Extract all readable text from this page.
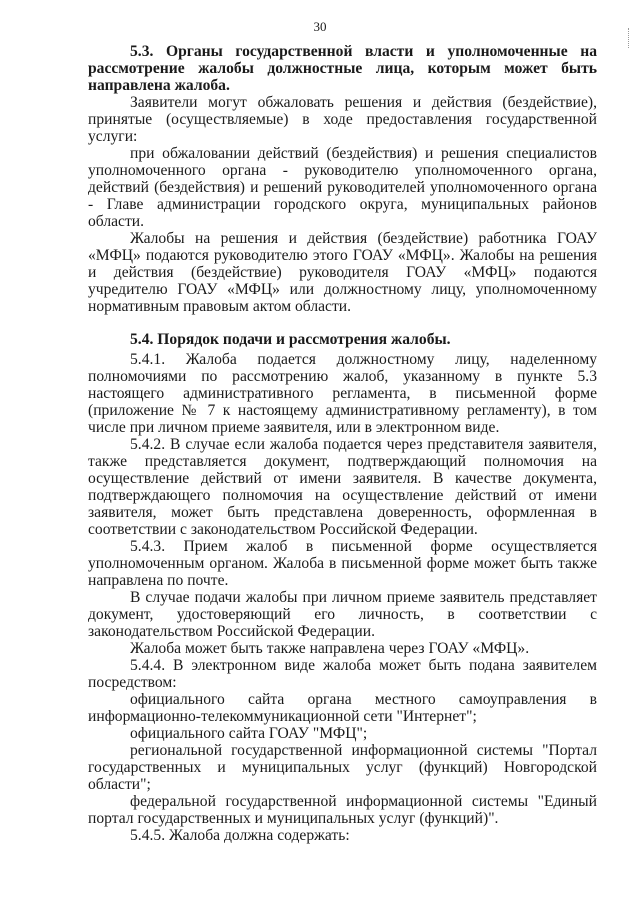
30

5.3. Органы государственной власти и уполномоченные на рассмотрение жалобы должностные лица, которым может быть направлена жалоба.

Заявители могут обжаловать решения и действия (бездействие), принятые (осуществляемые) в ходе предоставления государственной услуги:

при обжаловании действий (бездействия) и решения специалистов уполномоченного органа - руководителю уполномоченного органа, действий (бездействия) и решений руководителей уполномоченного органа - Главе администрации городского округа, муниципальных районов области.

Жалобы на решения и действия (бездействие) работника ГОАУ «МФЦ» подаются руководителю этого ГОАУ «МФЦ». Жалобы на решения и действия (бездействие) руководителя ГОАУ «МФЦ» подаются учредителю ГОАУ «МФЦ» или должностному лицу, уполномоченному нормативным правовым актом области.

5.4. Порядок подачи и рассмотрения жалобы.

5.4.1. Жалоба подается должностному лицу, наделенному полномочиями по рассмотрению жалоб, указанному в пункте 5.3 настоящего административного регламента, в письменной форме (приложение № 7 к настоящему административному регламенту), в том числе при личном приеме заявителя, или в электронном виде.

5.4.2. В случае если жалоба подается через представителя заявителя, также представляется документ, подтверждающий полномочия на осуществление действий от имени заявителя. В качестве документа, подтверждающего полномочия на осуществление действий от имени заявителя, может быть представлена доверенность, оформленная в соответствии с законодательством Российской Федерации.

5.4.3. Прием жалоб в письменной форме осуществляется уполномоченным органом. Жалоба в письменной форме может быть также направлена по почте.

В случае подачи жалобы при личном приеме заявитель представляет документ, удостоверяющий его личность, в соответствии с законодательством Российской Федерации.

Жалоба может быть также направлена через ГОАУ «МФЦ».

5.4.4. В электронном виде жалоба может быть подана заявителем посредством:

официального сайта органа местного самоуправления в информационно-телекоммуникационной сети "Интернет";

официального сайта ГОАУ "МФЦ";

региональной государственной информационной системы "Портал государственных и муниципальных услуг (функций) Новгородской области";

федеральной государственной информационной системы "Единый портал государственных и муниципальных услуг (функций)".

5.4.5. Жалоба должна содержать:
